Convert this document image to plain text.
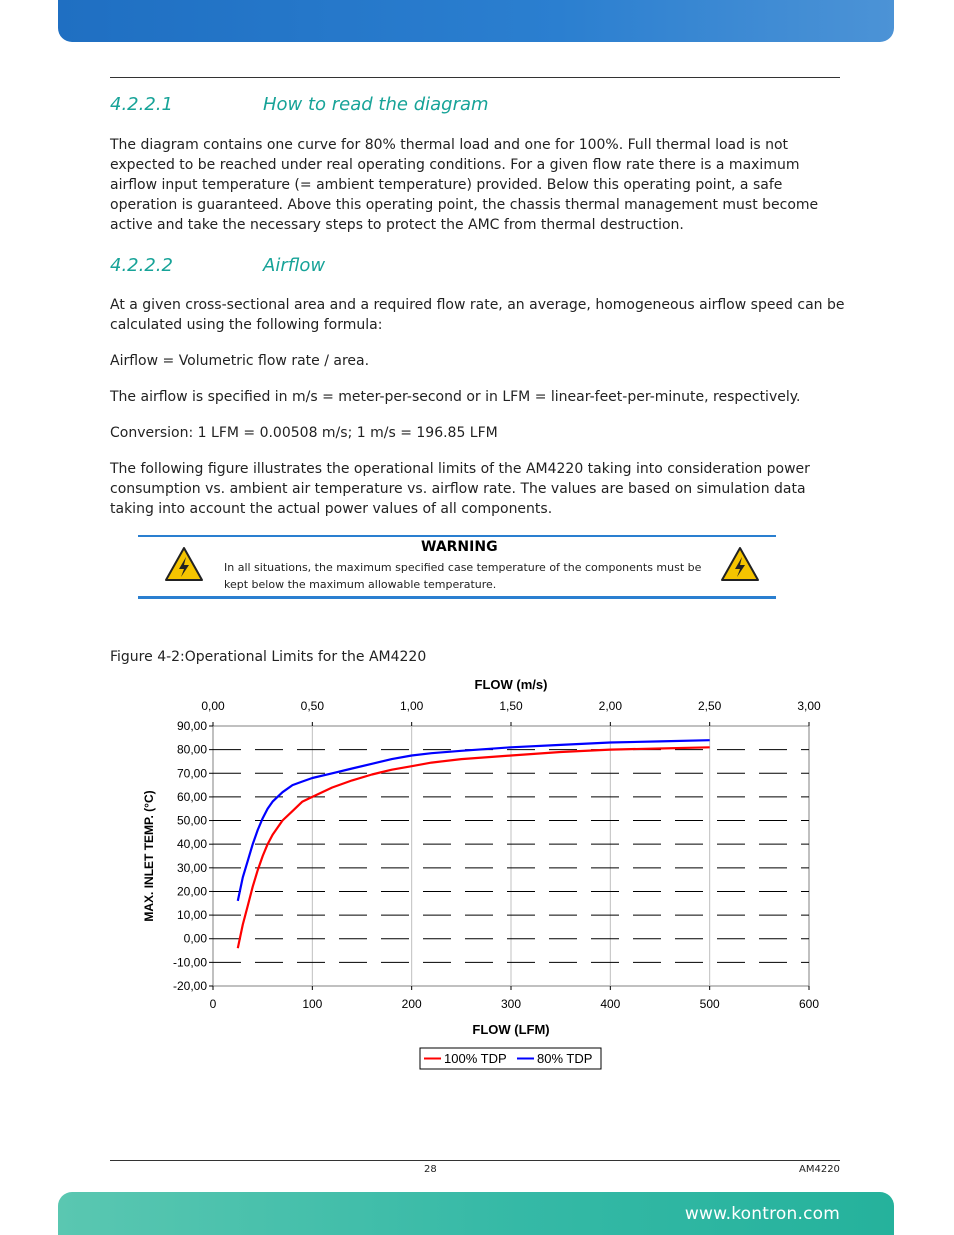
4.2.2.1	How to read the diagram
The diagram contains one curve for 80% thermal load and one for 100%. Full thermal load is not expected to be reached under real operating conditions. For a given flow rate there is a maximum airflow input temperature (= ambient temperature) provided. Below this operating point, a safe operation is guaranteed. Above this operating point, the chassis thermal management must become active and take the necessary steps to protect the AMC from thermal destruction.
4.2.2.2	Airflow
At a given cross-sectional area and a required flow rate, an average, homogeneous airflow speed can be calculated using the following formula:
Airflow = Volumetric flow rate / area.
The airflow is specified in m/s = meter-per-second or in LFM = linear-feet-per-minute, respectively.
Conversion: 1 LFM = 0.00508 m/s; 1 m/s = 196.85 LFM
The following figure illustrates the operational limits of the AM4220 taking into consideration power consumption vs. ambient air temperature vs. airflow rate. The values are based on simulation data taking into account the actual power values of all components.
WARNING
In all situations, the maximum specified case temperature of the components must be kept below the maximum allowable temperature.
Figure 4-2:Operational Limits for the AM4220
90,00
80,00
70,00
60,00
50,00
40,00
30,00
20,00
10,00
0,00
-10,00
-20,00
0	100	200	300	400	500	600
0,00	0,50	1,00	1,50	2,00	2,50	3,00
FLOW (m/s)
FLOW (LFM)
MAX. INLET TEMP. (°C)
100% TDP 80% TDP
28	AM4220
www.kontron.com
